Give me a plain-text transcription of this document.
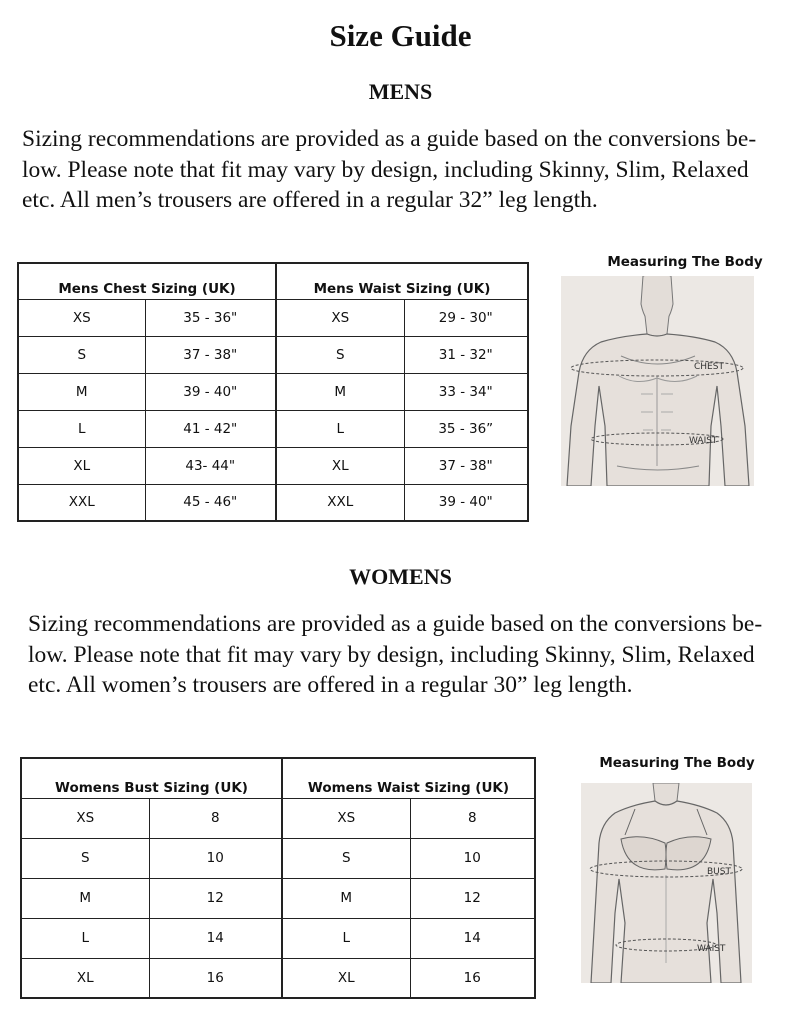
Size Guide
MENS
Sizing recommendations are provided as a guide based on the conversions be-
low. Please note that fit may vary by design, including Skinny, Slim, Relaxed
etc. All men’s trousers are offered in a regular 32” leg length.
Mens Chest Sizing (UK)		Mens Waist Sizing (UK)	
XS	35 - 36"	XS	29 - 30"
S	37 - 38"	S	31 - 32"
M	39 - 40"	M	33 - 34"
L	41 - 42"	L	35 - 36”
XL	43- 44"	XL	37 - 38"
XXL	45 - 46"	XXL	39 - 40"
Measuring The Body
CHEST
WAIST
WOMENS
Sizing recommendations are provided as a guide based on the conversions be-
low. Please note that fit may vary by design, including Skinny, Slim, Relaxed
etc. All women’s trousers are offered in a regular 30” leg length.
Womens Bust Sizing (UK)		Womens Waist Sizing (UK)	
XS	8	XS	8
S	10	S	10
M	12	M	12
L	14	L	14
XL	16	XL	16
Measuring The Body
BUST
WAIST
